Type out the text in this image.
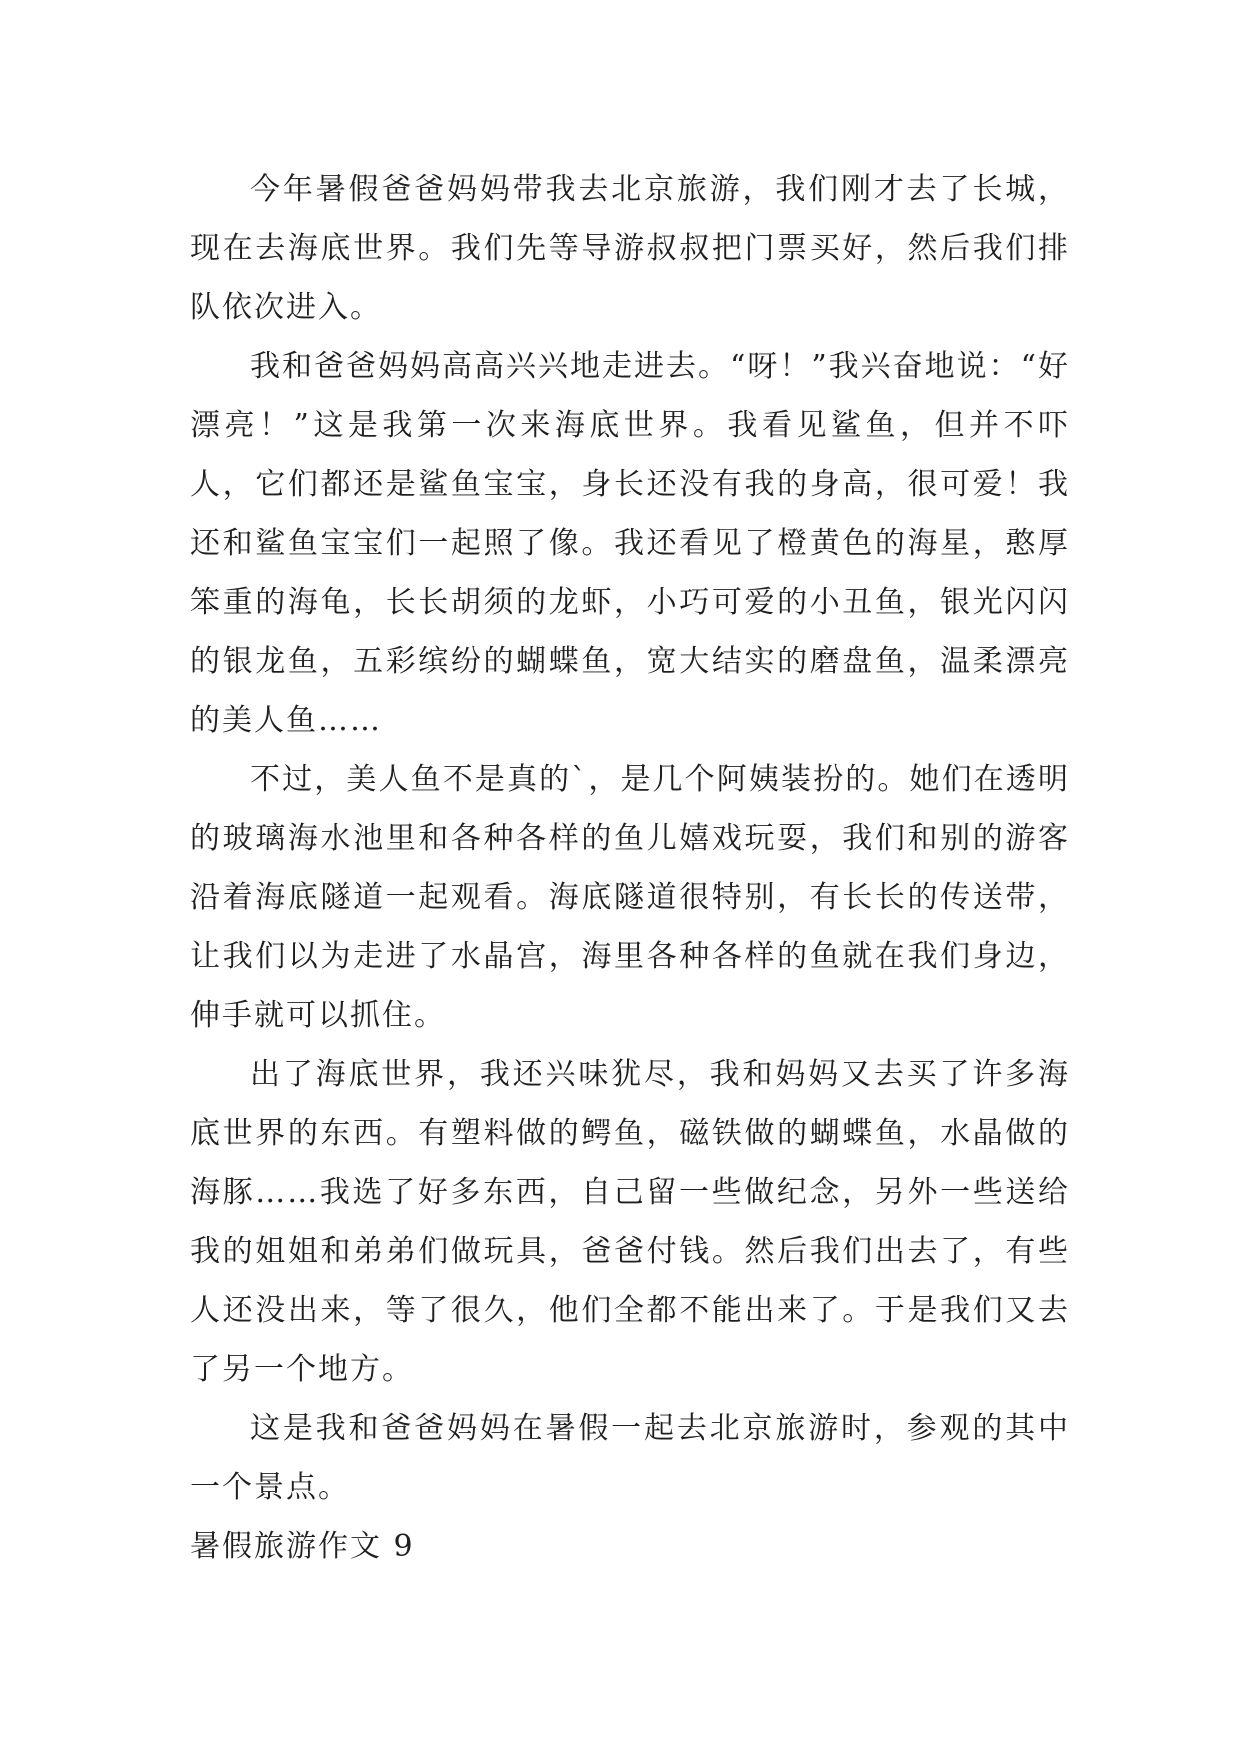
今年暑假爸爸妈妈带我去北京旅游，我们刚才去了长城，现在去海底世界。我们先等导游叔叔把门票买好，然后我们排队依次进入。

我和爸爸妈妈高高兴兴地走进去。“呀！”我兴奋地说：“好漂亮！”这是我第一次来海底世界。我看见鲨鱼，但并不吓人，它们都还是鲨鱼宝宝，身长还没有我的身高，很可爱！我还和鲨鱼宝宝们一起照了像。我还看见了橙黄色的海星，憨厚笨重的海龟，长长胡须的龙虾，小巧可爱的小丑鱼，银光闪闪的银龙鱼，五彩缤纷的蝴蝶鱼，宽大结实的磨盘鱼，温柔漂亮的美人鱼……

不过，美人鱼不是真的`，是几个阿姨装扮的。她们在透明的玻璃海水池里和各种各样的鱼儿嬉戏玩耍，我们和别的游客沿着海底隧道一起观看。海底隧道很特别，有长长的传送带，让我们以为走进了水晶宫，海里各种各样的鱼就在我们身边，伸手就可以抓住。

出了海底世界，我还兴味犹尽，我和妈妈又去买了许多海底世界的东西。有塑料做的鳄鱼，磁铁做的蝴蝶鱼，水晶做的海豚……我选了好多东西，自己留一些做纪念，另外一些送给我的姐姐和弟弟们做玩具，爸爸付钱。然后我们出去了，有些人还没出来，等了很久，他们全都不能出来了。于是我们又去了另一个地方。

这是我和爸爸妈妈在暑假一起去北京旅游时，参观的其中一个景点。

暑假旅游作文 9
